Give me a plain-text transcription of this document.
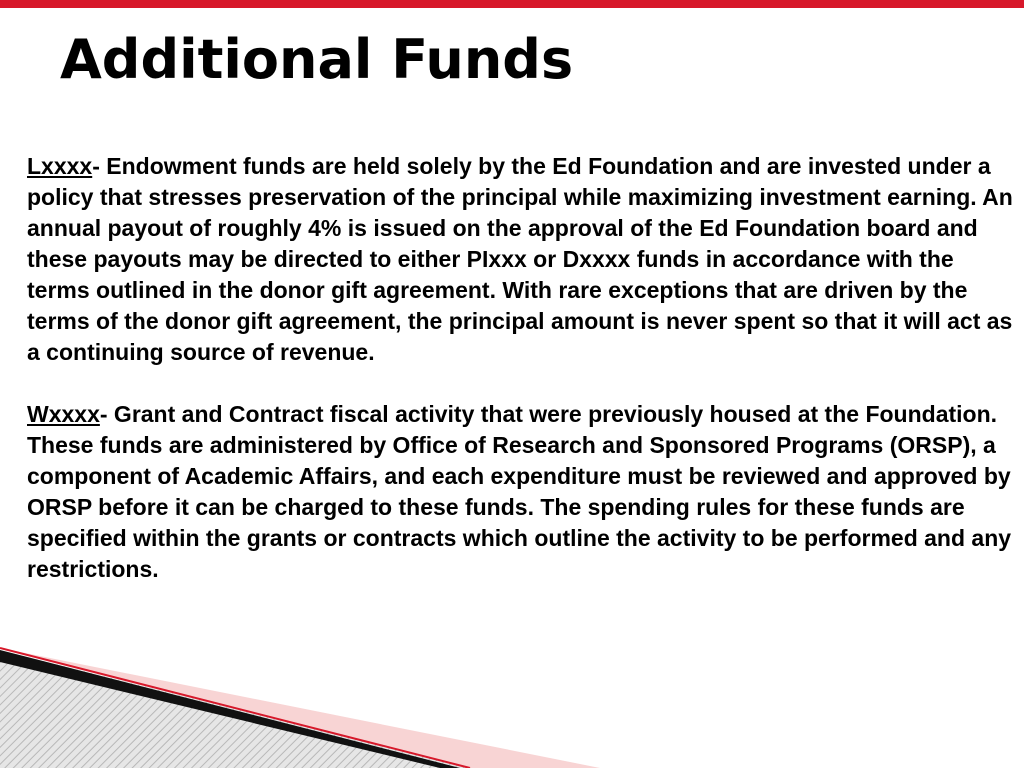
Additional Funds

Lxxxx- Endowment funds are held solely by the Ed Foundation and are invested under a policy that stresses preservation of the principal while maximizing investment earning. An annual payout of roughly 4% is issued on the approval of the Ed Foundation board and these payouts may be directed to either PIxxx or Dxxxx funds in accordance with the terms outlined in the donor gift agreement. With rare exceptions that are driven by the terms of the donor gift agreement, the principal amount is never spent so that it will act as a continuing source of revenue.

Wxxxx- Grant and Contract fiscal activity that were previously housed at the Foundation. These funds are administered by Office of Research and Sponsored Programs (ORSP), a component of Academic Affairs, and each expenditure must be reviewed and approved by ORSP before it can be charged to these funds. The spending rules for these funds are specified within the grants or contracts which outline the activity to be performed and any restrictions.
